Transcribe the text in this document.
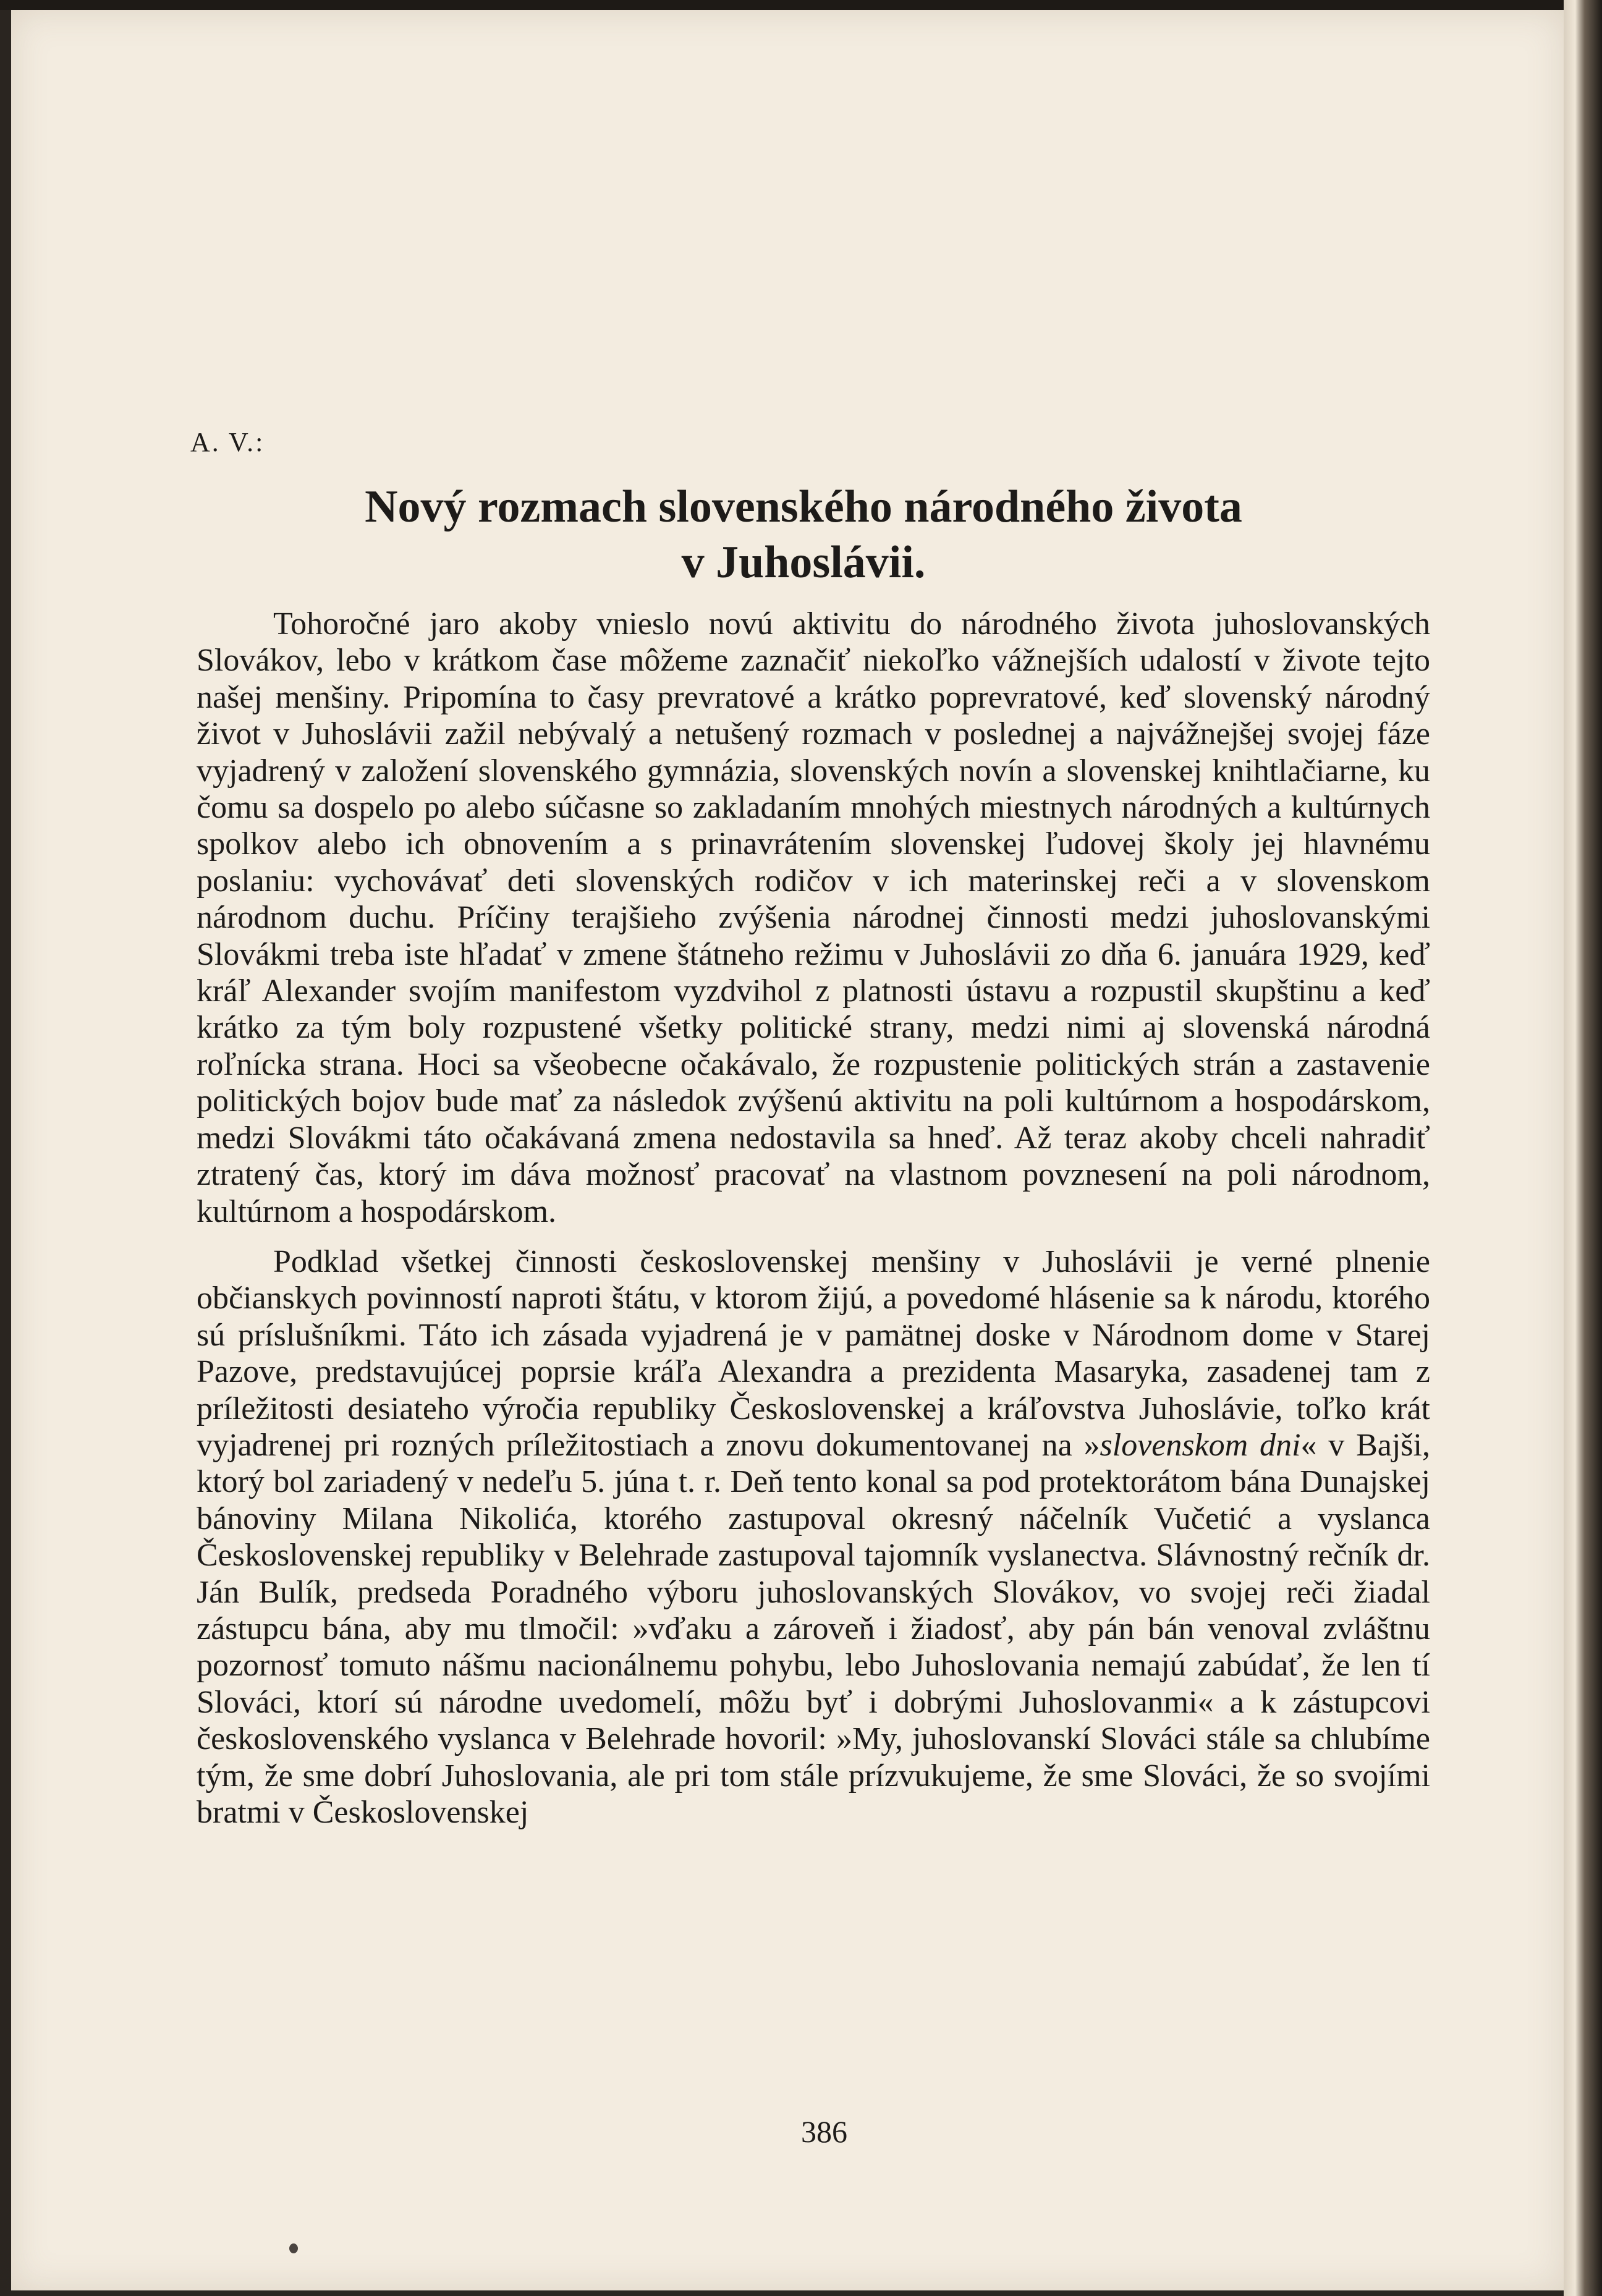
A. V.:
Nový rozmach slovenského národného života
v Juhoslávii.

Tohoročné jaro akoby vnieslo novú aktivitu do národného života juhoslovanských Slovákov, lebo v krátkom čase môžeme zaznačiť niekoľko vážnejších udalostí v živote tejto našej menšiny. Pripomína to časy prevratové a krátko poprevratové, keď slovenský národný život v Juhoslávii zažil nebývalý a netušený rozmach v poslednej a najvážnejšej svojej fáze vyjadrený v založení slovenského gymnázia, slovenských novín a slovenskej knihtlačiarne, ku čomu sa dospelo po alebo súčasne so zakladaním mnohých miestnych národných a kultúrnych spolkov alebo ich obnovením a s prinavrátením slovenskej ľudovej školy jej hlavnému poslaniu: vychovávať deti slovenských rodičov v ich materinskej reči a v slovenskom národnom duchu. Príčiny terajšieho zvýšenia národnej činnosti medzi juhoslovanskými Slovákmi treba iste hľadať v zmene štátneho režimu v Juhoslávii zo dňa 6. januára 1929, keď kráľ Alexander svojím manifestom vyzdvihol z platnosti ústavu a rozpustil skupštinu a keď krátko za tým boly rozpustené všetky politické strany, medzi nimi aj slovenská národná roľnícka strana. Hoci sa všeobecne očakávalo, že rozpustenie politických strán a zastavenie politických bojov bude mať za následok zvýšenú aktivitu na poli kultúrnom a hospodárskom, medzi Slovákmi táto očakávaná zmena nedostavila sa hneď. Až teraz akoby chceli nahradiť ztratený čas, ktorý im dáva možnosť pracovať na vlastnom povznesení na poli národnom, kultúrnom a hospodárskom.

Podklad všetkej činnosti československej menšiny v Juhoslávii je verné plnenie občianskych povinností naproti štátu, v ktorom žijú, a povedomé hlásenie sa k národu, ktorého sú príslušníkmi. Táto ich zásada vyjadrená je v pamätnej doske v Národnom dome v Starej Pazove, predstavujúcej poprsie kráľa Alexandra a prezidenta Masaryka, zasadenej tam z príležitosti desiateho výročia republiky Československej a kráľovstva Juhoslávie, toľko krát vyjadrenej pri rozných príležitostiach a znovu dokumentovanej na »slovenskom dni« v Bajši, ktorý bol zariadený v nedeľu 5. júna t. r. Deň tento konal sa pod protektorátom bána Dunajskej bánoviny Milana Nikolića, ktorého zastupoval okresný náčelník Vučetić a vyslanca Československej republiky v Belehrade zastupoval tajomník vyslanectva. Slávnostný rečník dr. Ján Bulík, predseda Poradného výboru juhoslovanských Slovákov, vo svojej reči žiadal zástupcu bána, aby mu tlmočil: »vďaku a zároveň i žiadosť, aby pán bán venoval zvláštnu pozornosť tomuto nášmu nacionálnemu pohybu, lebo Juhoslovania nemajú zabúdať, že len tí Slováci, ktorí sú národne uvedomelí, môžu byť i dobrými Juhoslovanmi« a k zástupcovi československého vyslanca v Belehrade hovoril: »My, juhoslovanskí Slováci stále sa chlubíme tým, že sme dobrí Juhoslovania, ale pri tom stále prízvukujeme, že sme Slováci, že so svojími bratmi v Československej

386
